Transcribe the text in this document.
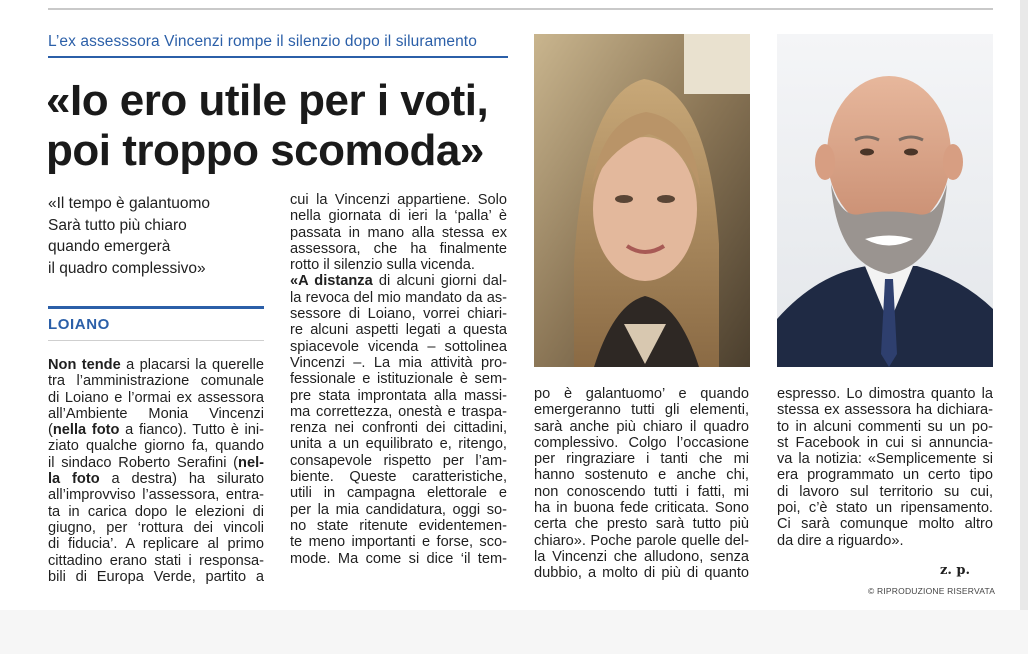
L’ex assesssora Vincenzi rompe il silenzio dopo il siluramento
«Io ero utile per i voti,
poi troppo scomoda»
«Il tempo è galantuomo
Sarà tutto più chiaro
quando emergerà
il quadro complessivo»
LOIANO
Non tende a placarsi la querelle
tra l’amministrazione comunale
di Loiano e l’ormai ex assessora
all’Ambiente Monia Vincenzi
(nella foto a fianco). Tutto è ini-
ziato qualche giorno fa, quando
il sindaco Roberto Serafini (nel-
la foto a destra) ha silurato
all’improvviso l’assessora, entra-
ta in carica dopo le elezioni di
giugno, per ‘rottura dei vincoli
di fiducia’. A replicare al primo
cittadino erano stati i responsa-
bili di Europa Verde, partito a
cui la Vincenzi appartiene. Solo
nella giornata di ieri la ‘palla’ è
passata in mano alla stessa ex
assessora, che ha finalmente
rotto il silenzio sulla vicenda.
«A distanza di alcuni giorni dal-
la revoca del mio mandato da as-
sessore di Loiano, vorrei chiari-
re alcuni aspetti legati a questa
spiacevole vicenda – sottolinea
Vincenzi –. La mia attività pro-
fessionale e istituzionale è sem-
pre stata improntata alla massi-
ma correttezza, onestà e traspa-
renza nei confronti dei cittadini,
unita a un equilibrato e, ritengo,
consapevole rispetto per l’am-
biente. Queste caratteristiche,
utili in campagna elettorale e
per la mia candidatura, oggi so-
no state ritenute evidentemen-
te meno importanti e forse, sco-
mode. Ma come si dice ‘il tem-
po è galantuomo’ e quando
emergeranno tutti gli elementi,
sarà anche più chiaro il quadro
complessivo. Colgo l’occasione
per ringraziare i tanti che mi
hanno sostenuto e anche chi,
non conoscendo tutti i fatti, mi
ha in buona fede criticata. Sono
certa che presto sarà tutto più
chiaro». Poche parole quelle del-
la Vincenzi che alludono, senza
dubbio, a molto di più di quanto
espresso. Lo dimostra quanto la
stessa ex assessora ha dichiara-
to in alcuni commenti su un po-
st Facebook in cui si annuncia-
va la notizia: «Semplicemente si
era programmato un certo tipo
di lavoro sul territorio su cui,
poi, c’è stato un ripensamento.
Ci sarà comunque molto altro
da dire a riguardo».
z. p.
© RIPRODUZIONE RISERVATA
